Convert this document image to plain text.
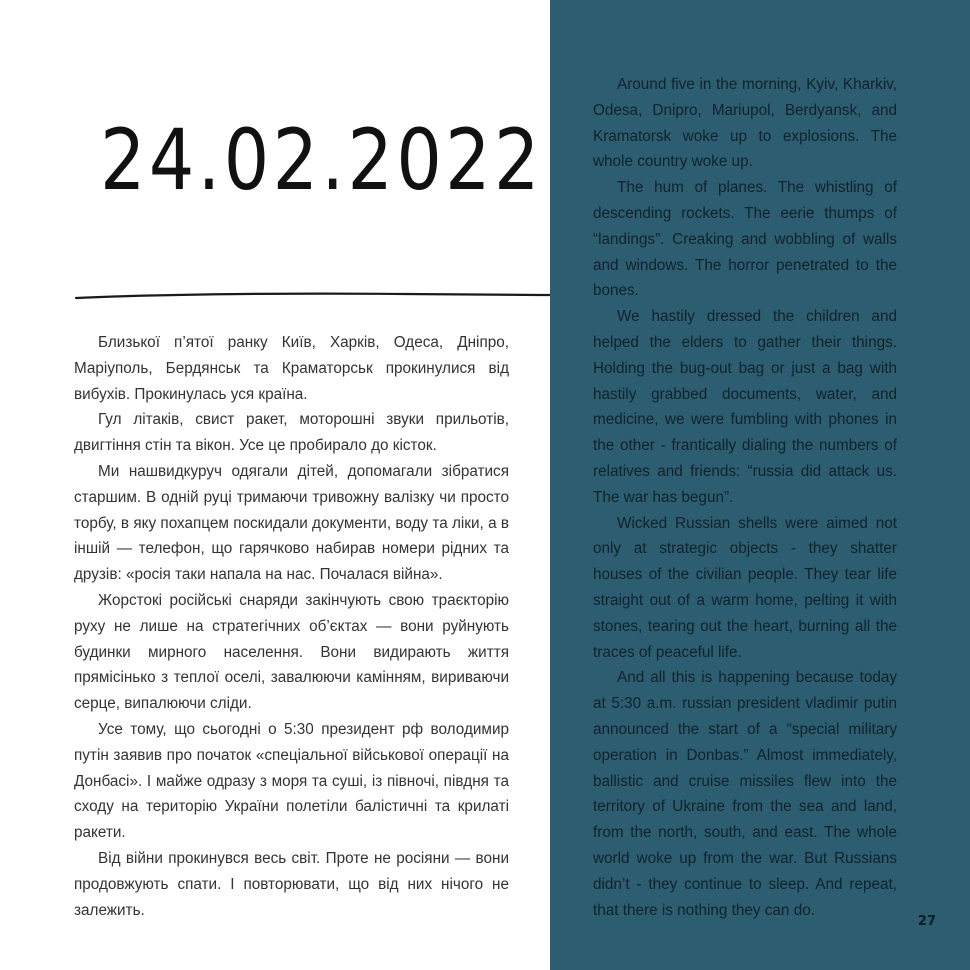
24.02.2022

Близької п’ятої ранку Київ, Харків, Одеса, Дніпро, Маріуполь, Бердянськ та Краматорськ прокинулися від вибухів. Прокинулась уся країна.

Гул літаків, свист ракет, моторошні звуки прильотів, двигтіння стін та вікон. Усе це пробирало до кісток.

Ми нашвидкуруч одягали дітей, допомагали зібратися старшим. В одній руці тримаючи тривожну валізку чи просто торбу, в яку похапцем поскидали документи, воду та ліки, а в іншій — телефон, що гарячково набирав номери рідних та друзів: «росія таки напала на нас. Почалася війна».

Жорстокі російські снаряди закінчують свою траєкторію руху не лише на стратегічних об’єктах — вони руйнують будинки мирного населення. Вони видирають життя прямісінько з теплої оселі, завалюючи камінням, вириваючи серце, випалюючи сліди.

Усе тому, що сьогодні о 5:30 президент рф володимир путін заявив про початок «спеціальної військової операції на Донбасі». І майже одразу з моря та суші, із півночі, півдня та сходу на територію України полетіли балістичні та крилаті ракети.

Від війни прокинувся весь світ. Проте не росіяни — вони продовжують спати. І повторювати, що від них нічого не залежить.

Around five in the morning, Kyiv, Kharkiv, Odesa, Dnipro, Mariupol, Berdyansk, and Kramatorsk woke up to explosions. The whole country woke up.

The hum of planes. The whistling of descending rockets. The eerie thumps of “landings”. Creaking and wobbling of walls and windows. The horror penetrated to the bones.

We hastily dressed the children and helped the elders to gather their things. Holding the bug-out bag or just a bag with hastily grabbed documents, water, and medicine, we were fumbling with phones in the other - frantically dialing the numbers of relatives and friends: “russia did attack us. The war has begun”.

Wicked Russian shells were aimed not only at strategic objects - they shatter houses of the civilian people. They tear life straight out of a warm home, pelting it with stones, tearing out the heart, burning all the traces of peaceful life.

And all this is happening because today at 5:30 a.m. russian president vladimir putin announced the start of a “special military operation in Donbas.” Almost immediately, ballistic and cruise missiles flew into the territory of Ukraine from the sea and land, from the north, south, and east. The whole world woke up from the war. But Russians didn’t - they continue to sleep. And repeat, that there is nothing they can do.

27
